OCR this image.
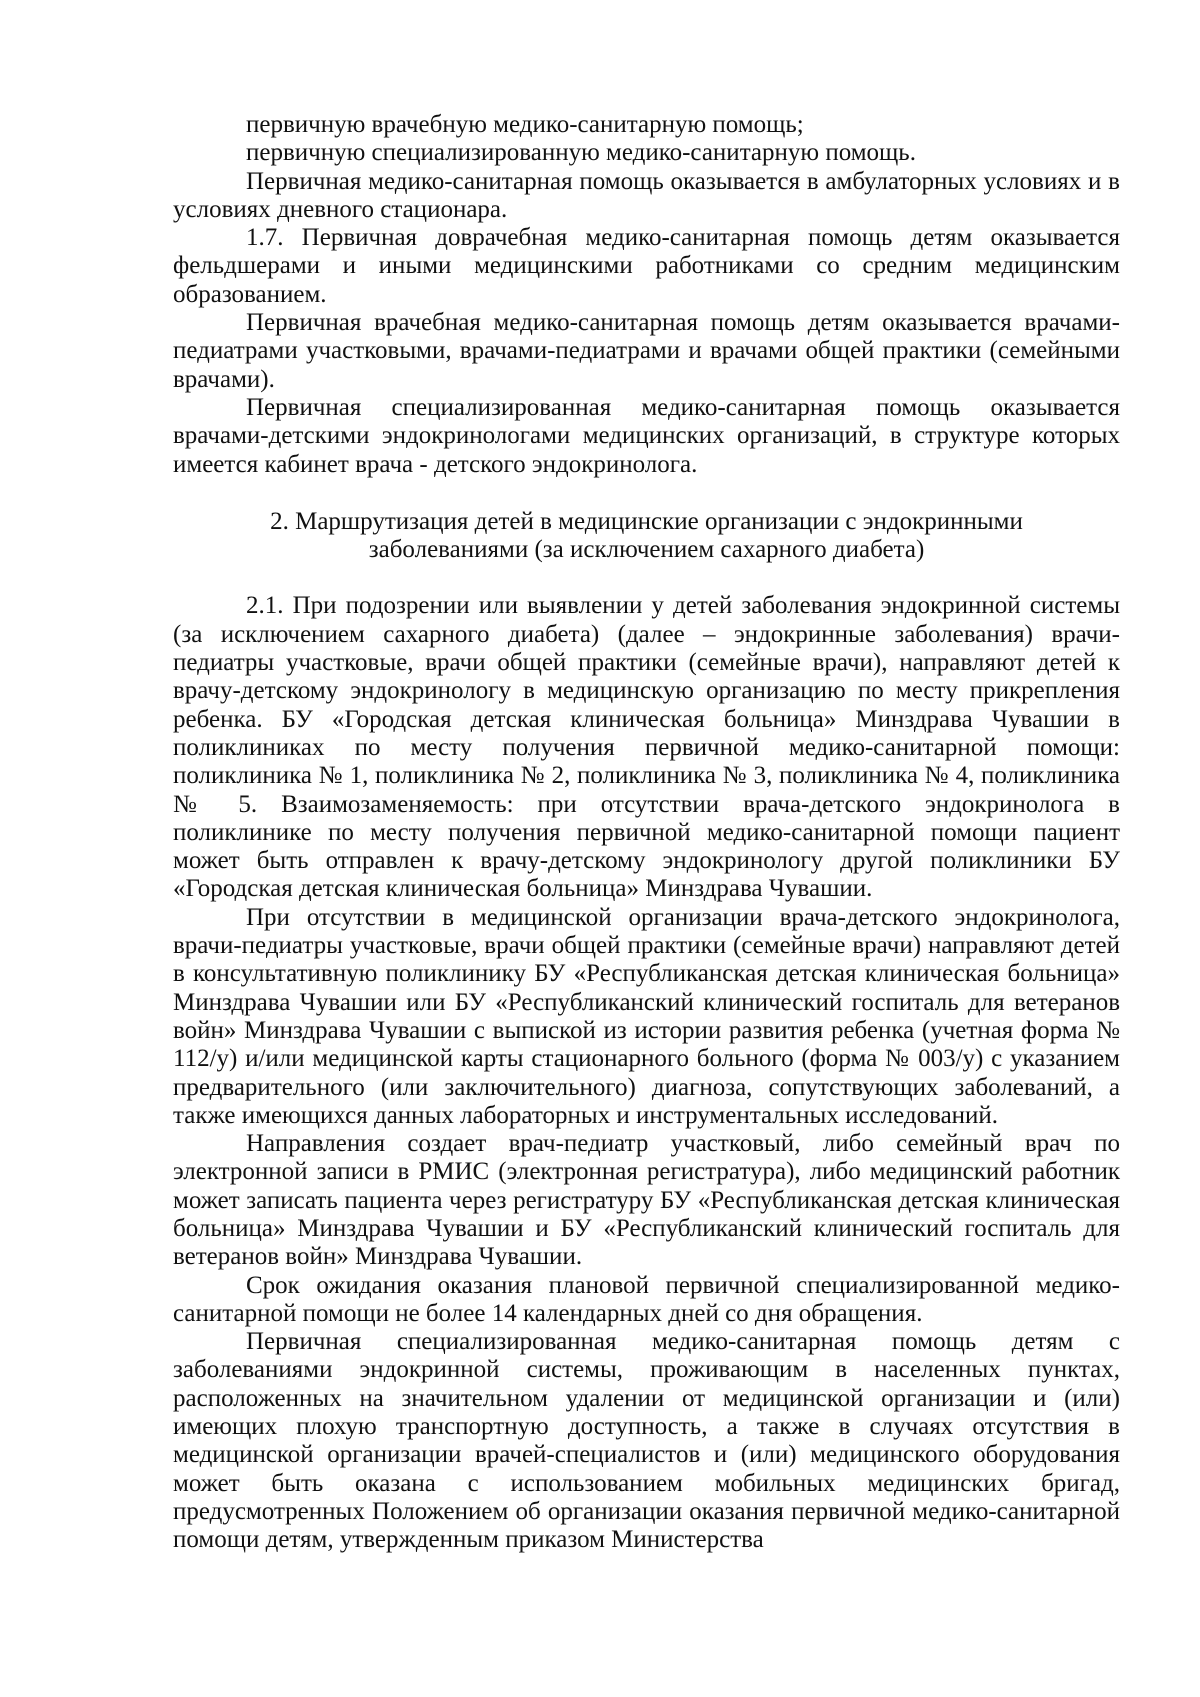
первичную врачебную медико-санитарную помощь;

первичную специализированную медико-санитарную помощь.

Первичная медико-санитарная помощь оказывается в амбулаторных условиях и в условиях дневного стационара.

1.7. Первичная доврачебная медико-санитарная помощь детям оказывается фельдшерами и иными медицинскими работниками со средним медицинским образованием.

Первичная врачебная медико-санитарная помощь детям оказывается врачами-педиатрами участковыми, врачами-педиатрами и врачами общей практики (семейными врачами).

Первичная специализированная медико-санитарная помощь оказывается врачами-детскими эндокринологами медицинских организаций, в структуре которых имеется кабинет врача - детского эндокринолога.

2. Маршрутизация детей в медицинские организации с эндокринными
заболеваниями (за исключением сахарного диабета)

2.1. При подозрении или выявлении у детей заболевания эндокринной системы (за исключением сахарного диабета) (далее – эндокринные заболевания) врачи-педиатры участковые, врачи общей практики (семейные врачи), направляют детей к врачу-детскому эндокринологу в медицинскую организацию по месту прикрепления ребенка. БУ «Городская детская клиническая больница» Минздрава Чувашии в поликлиниках по месту получения первичной медико-санитарной помощи: поликлиника № 1, поликлиника № 2, поликлиника № 3, поликлиника № 4, поликлиника № 5. Взаимозаменяемость: при отсутствии врача-детского эндокринолога в поликлинике по месту получения первичной медико-санитарной помощи пациент может быть отправлен к врачу-детскому эндокринологу другой поликлиники БУ «Городская детская клиническая больница» Минздрава Чувашии.

При отсутствии в медицинской организации врача-детского эндокринолога, врачи-педиатры участковые, врачи общей практики (семейные врачи) направляют детей в консультативную поликлинику БУ «Республиканская детская клиническая больница» Минздрава Чувашии или БУ «Республиканский клинический госпиталь для ветеранов войн» Минздрава Чувашии с выпиской из истории развития ребенка (учетная форма № 112/у) и/или медицинской карты стационарного больного (форма № 003/у) с указанием предварительного (или заключительного) диагноза, сопутствующих заболеваний, а также имеющихся данных лабораторных и инструментальных исследований.

Направления создает врач-педиатр участковый, либо семейный врач по электронной записи в РМИС (электронная регистратура), либо медицинский работник может записать пациента через регистратуру БУ «Республиканская детская клиническая больница» Минздрава Чувашии и БУ «Республиканский клинический госпиталь для ветеранов войн» Минздрава Чувашии.

Срок ожидания оказания плановой первичной специализированной медико-санитарной помощи не более 14 календарных дней со дня обращения.

Первичная специализированная медико-санитарная помощь детям с заболеваниями эндокринной системы, проживающим в населенных пунктах, расположенных на значительном удалении от медицинской организации и (или) имеющих плохую транспортную доступность, а также в случаях отсутствия в медицинской организации врачей-специалистов и (или) медицинского оборудования может быть оказана с использованием мобильных медицинских бригад, предусмотренных Положением об организации оказания первичной медико-санитарной помощи детям, утвержденным приказом Министерства
